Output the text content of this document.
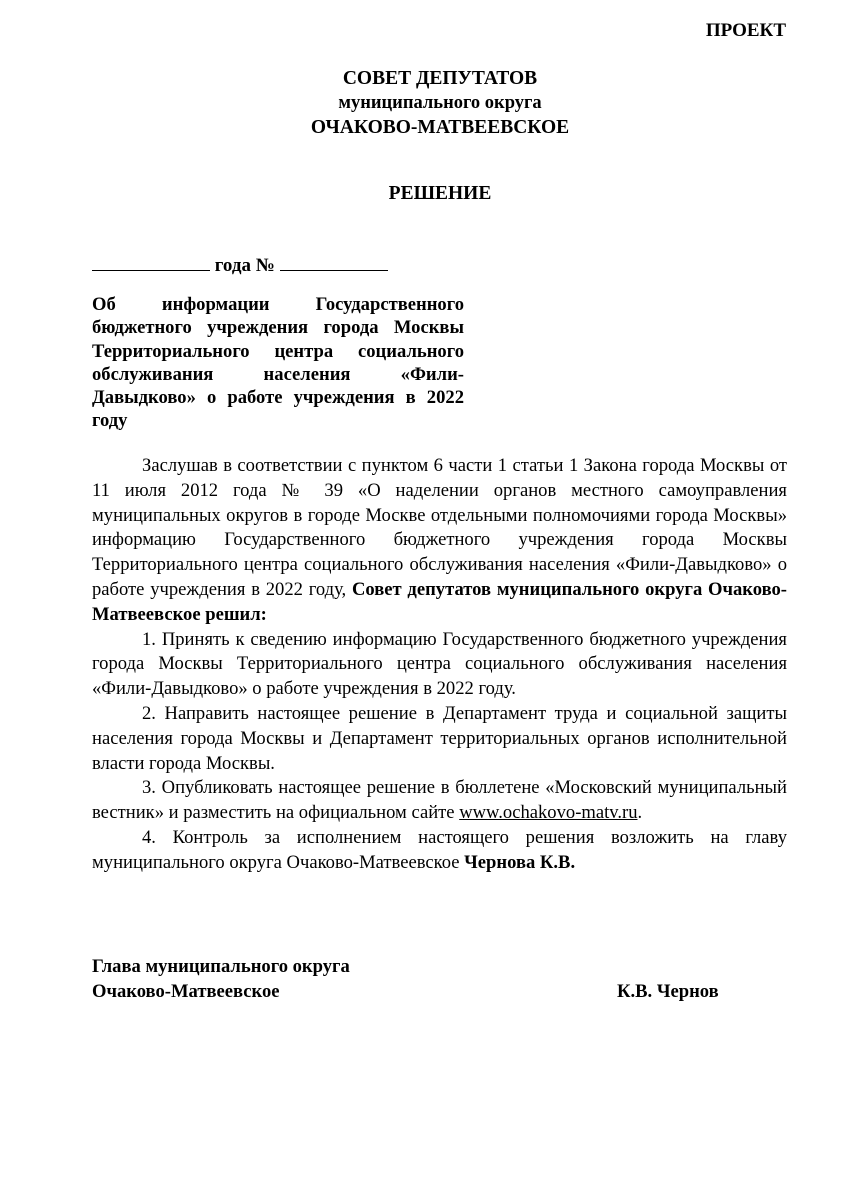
ПРОЕКТ
СОВЕТ ДЕПУТАТОВ
муниципального округа
ОЧАКОВО-МАТВЕЕВСКОЕ
РЕШЕНИЕ
года №
Об информации Государственного бюджетного учреждения города Москвы Территориального центра социального обслуживания населения «Фили-Давыдково» о работе учреждения в 2022 году

Заслушав в соответствии с пунктом 6 части 1 статьи 1 Закона города Москвы от 11 июля 2012 года № 39 «О наделении органов местного самоуправления муниципальных округов в городе Москве отдельными полномочиями города Москвы» информацию Государственного бюджетного учреждения города Москвы Территориального центра социального обслуживания населения «Фили-Давыдково» о работе учреждения в 2022 году, Совет депутатов муниципального округа Очаково-Матвеевское решил:

1. Принять к сведению информацию Государственного бюджетного учреждения города Москвы Территориального центра социального обслуживания населения «Фили-Давыдково» о работе учреждения в 2022 году.

2. Направить настоящее решение в Департамент труда и социальной защиты населения города Москвы и Департамент территориальных органов исполнительной власти города Москвы.

3. Опубликовать настоящее решение в бюллетене «Московский муниципальный вестник» и разместить на официальном сайте www.ochakovo-matv.ru.

4. Контроль за исполнением настоящего решения возложить на главу муниципального округа Очаково-Матвеевское Чернова К.В.

Глава муниципального округа
Очаково-Матвеевское	К.В. Чернов
